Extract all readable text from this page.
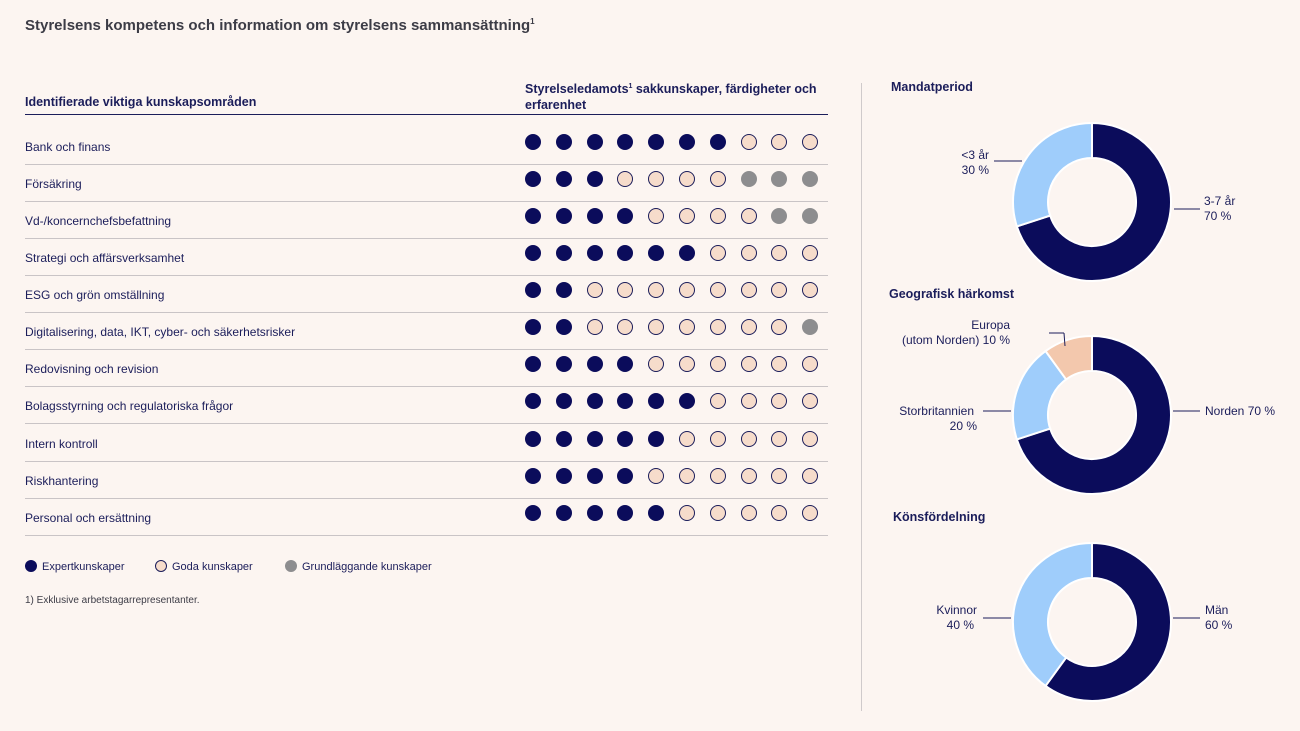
Styrelsens kompetens och information om styrelsens sammansättning$^1$
Identifierade viktiga kunskapsområden
Styrelseledamots$^1$ sakkunskaper, färdigheter och erfarenhet
Bank och finans
Försäkring
Vd-/koncernchefsbefattning
Strategi och affärsverksamhet
ESG och grön omställning
Digitalisering, data, IKT, cyber- och säkerhetsrisker
Redovisning och revision
Bolagsstyrning och regulatoriska frågor
Intern kontroll
Riskhantering
Personal och ersättning
Expertkunskaper	Goda kunskaper	Grundläggande kunskaper
1) Exklusive arbetstagarrepresentanter.
Mandatperiod
Geografisk härkomst
Könsfördelning
3-7 år
70 %
<3 år
30 %
Norden 70 %
Storbritannien
20 %
Europa
(utom Norden) 10 %
Män
60 %
Kvinnor
40 %
